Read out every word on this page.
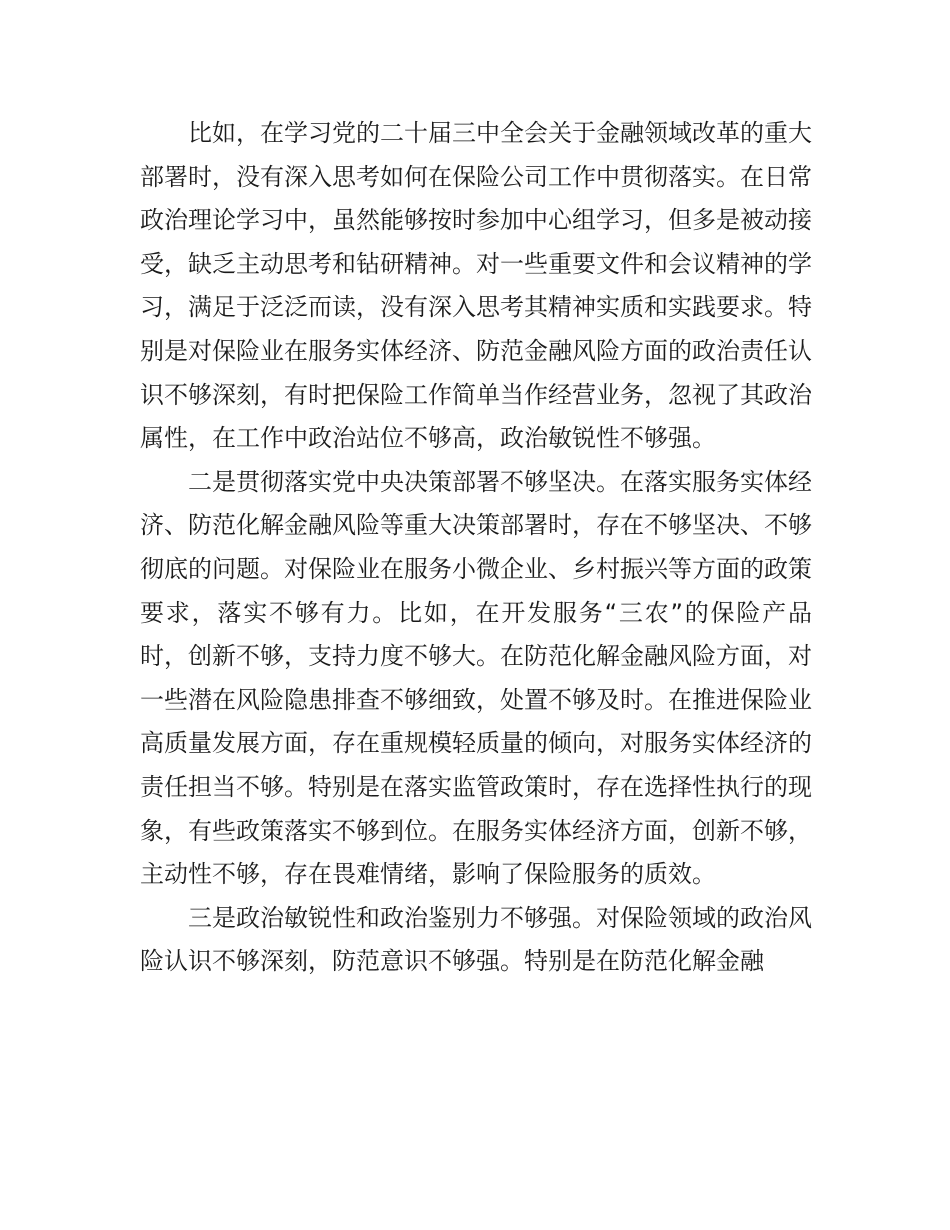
比如，在学习党的二十届三中全会关于金融领域改革的重大部署时，没有深入思考如何在保险公司工作中贯彻落实。在日常政治理论学习中，虽然能够按时参加中心组学习，但多是被动接受，缺乏主动思考和钻研精神。对一些重要文件和会议精神的学习，满足于泛泛而读，没有深入思考其精神实质和实践要求。特别是对保险业在服务实体经济、防范金融风险方面的政治责任认识不够深刻，有时把保险工作简单当作经营业务，忽视了其政治属性，在工作中政治站位不够高，政治敏锐性不够强。

二是贯彻落实党中央决策部署不够坚决。在落实服务实体经济、防范化解金融风险等重大决策部署时，存在不够坚决、不够彻底的问题。对保险业在服务小微企业、乡村振兴等方面的政策要求，落实不够有力。比如，在开发服务“三农”的保险产品时，创新不够，支持力度不够大。在防范化解金融风险方面，对一些潜在风险隐患排查不够细致，处置不够及时。在推进保险业高质量发展方面，存在重规模轻质量的倾向，对服务实体经济的责任担当不够。特别是在落实监管政策时，存在选择性执行的现象，有些政策落实不够到位。在服务实体经济方面，创新不够，主动性不够，存在畏难情绪，影响了保险服务的质效。

三是政治敏锐性和政治鉴别力不够强。对保险领域的政治风险认识不够深刻，防范意识不够强。特别是在防范化解金融
